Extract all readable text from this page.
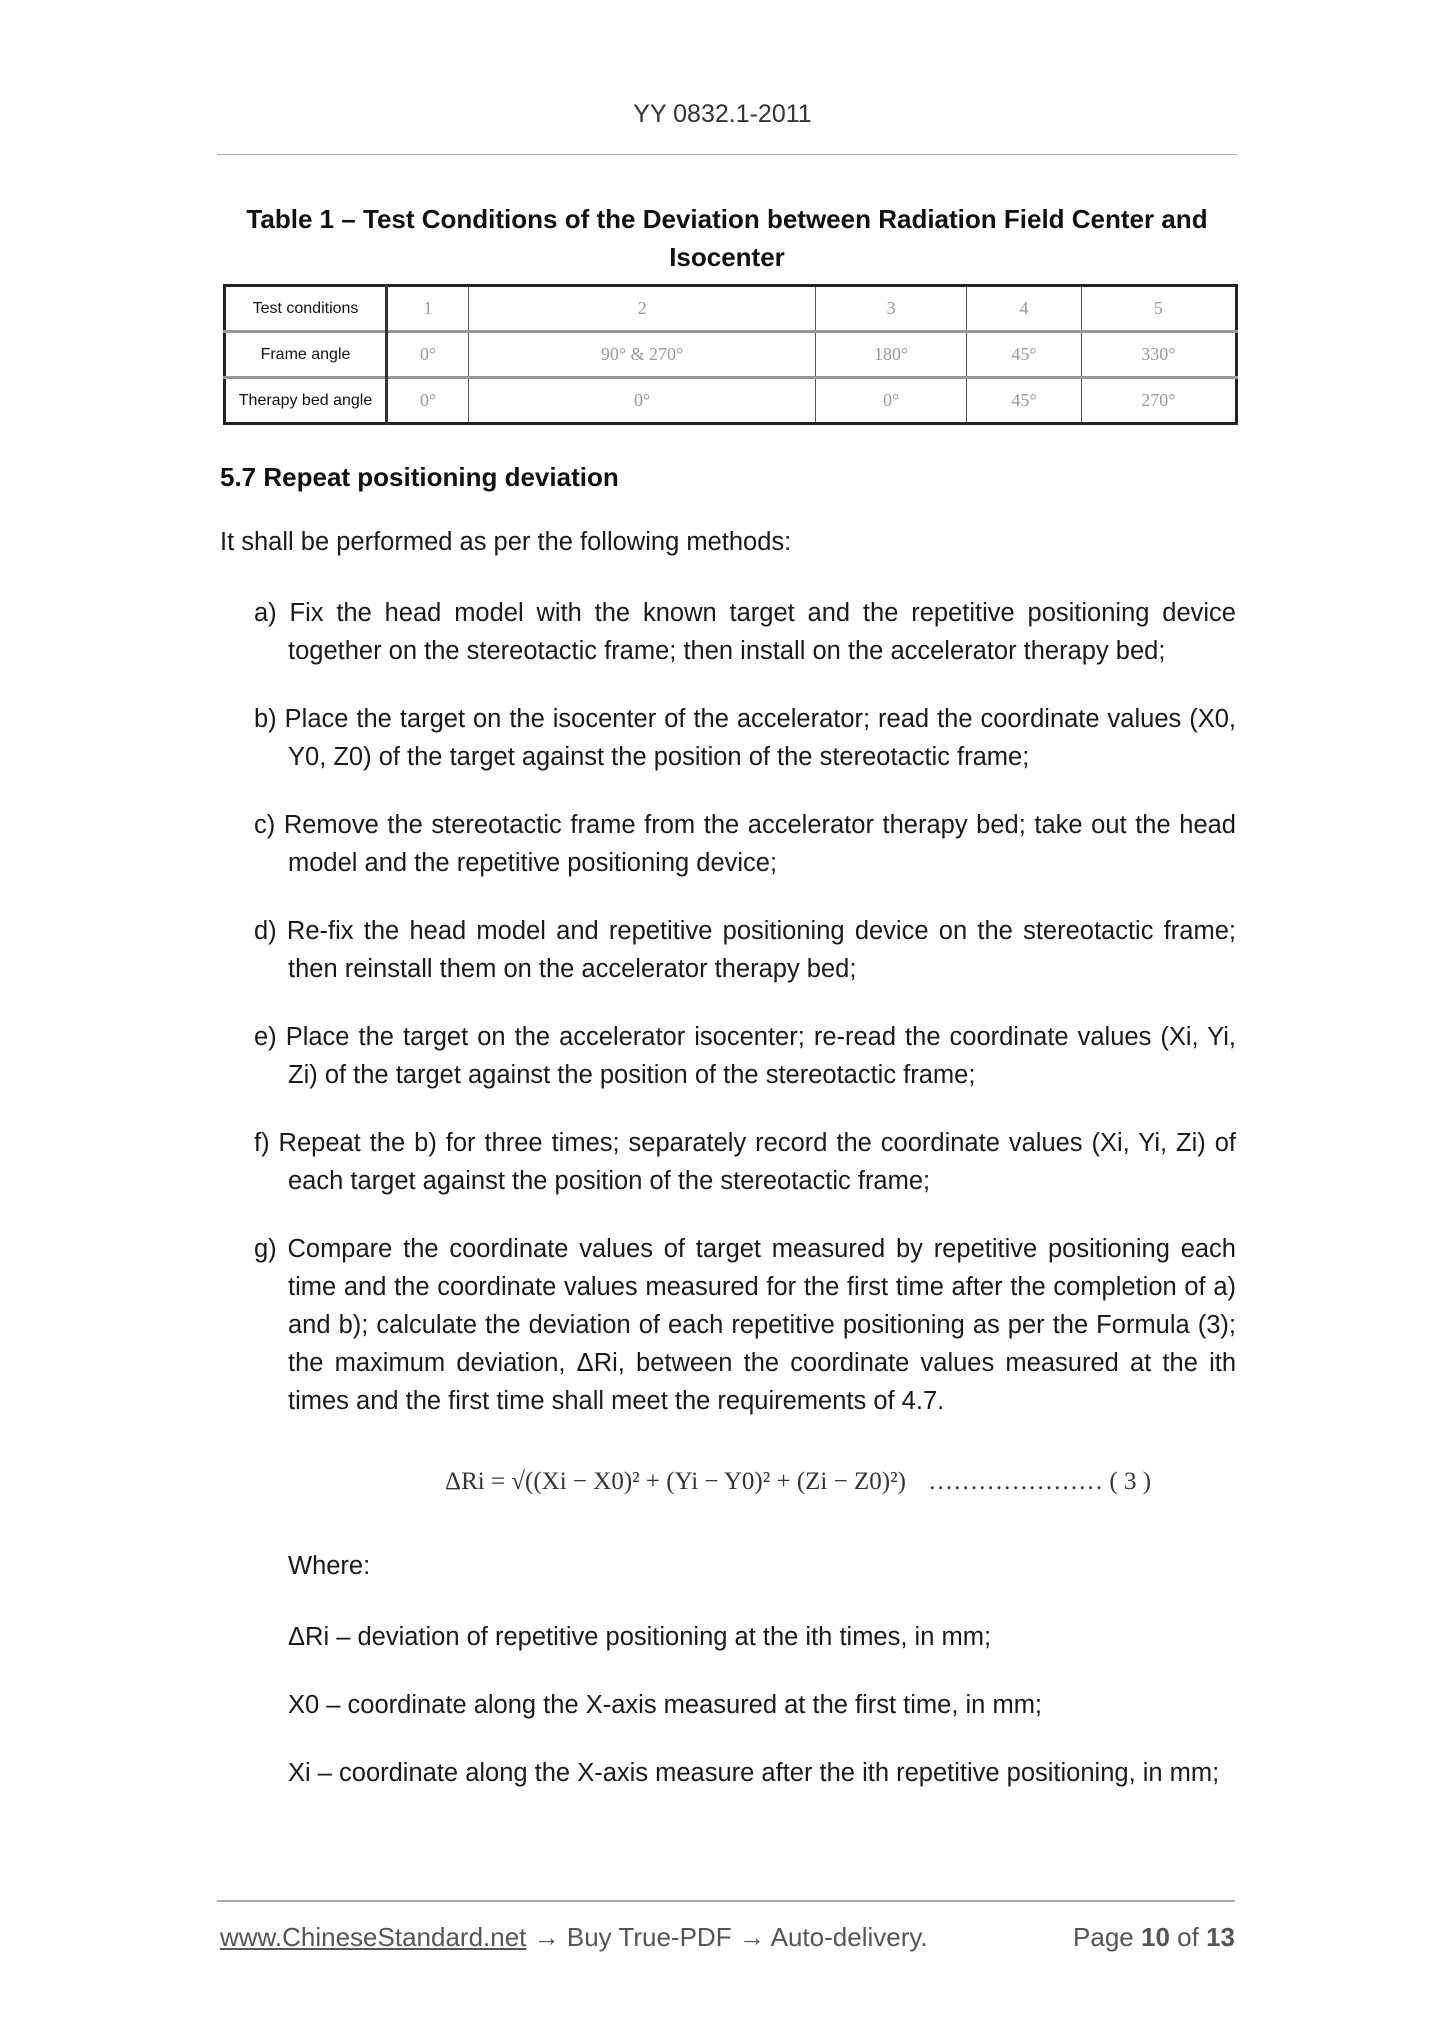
YY 0832.1-2011
Table 1 – Test Conditions of the Deviation between Radiation Field Center and Isocenter
Test conditions	1	2	3	4	5
Frame angle	0°	90° & 270°	180°	45°	330°
Therapy bed angle	0°	0°	0°	45°	270°
5.7 Repeat positioning deviation
It shall be performed as per the following methods:
a) Fix the head model with the known target and the repetitive positioning device together on the stereotactic frame; then install on the accelerator therapy bed;
b) Place the target on the isocenter of the accelerator; read the coordinate values (X0, Y0, Z0) of the target against the position of the stereotactic frame;
c) Remove the stereotactic frame from the accelerator therapy bed; take out the head model and the repetitive positioning device;
d) Re-fix the head model and repetitive positioning device on the stereotactic frame; then reinstall them on the accelerator therapy bed;
e) Place the target on the accelerator isocenter; re-read the coordinate values (Xi, Yi, Zi) of the target against the position of the stereotactic frame;
f) Repeat the b) for three times; separately record the coordinate values (Xi, Yi, Zi) of each target against the position of the stereotactic frame;
g) Compare the coordinate values of target measured by repetitive positioning each time and the coordinate values measured for the first time after the completion of a) and b); calculate the deviation of each repetitive positioning as per the Formula (3); the maximum deviation, ΔRi, between the coordinate values measured at the ith times and the first time shall meet the requirements of 4.7.
ΔRi = √((Xi − X0)² + (Yi − Y0)² + (Zi − Z0)²) ………………… ( 3 )
Where:
ΔRi – deviation of repetitive positioning at the ith times, in mm;
X0 – coordinate along the X-axis measured at the first time, in mm;
Xi – coordinate along the X-axis measure after the ith repetitive positioning, in mm;
www.ChineseStandard.net → Buy True-PDF → Auto-delivery.	Page 10 of 13
